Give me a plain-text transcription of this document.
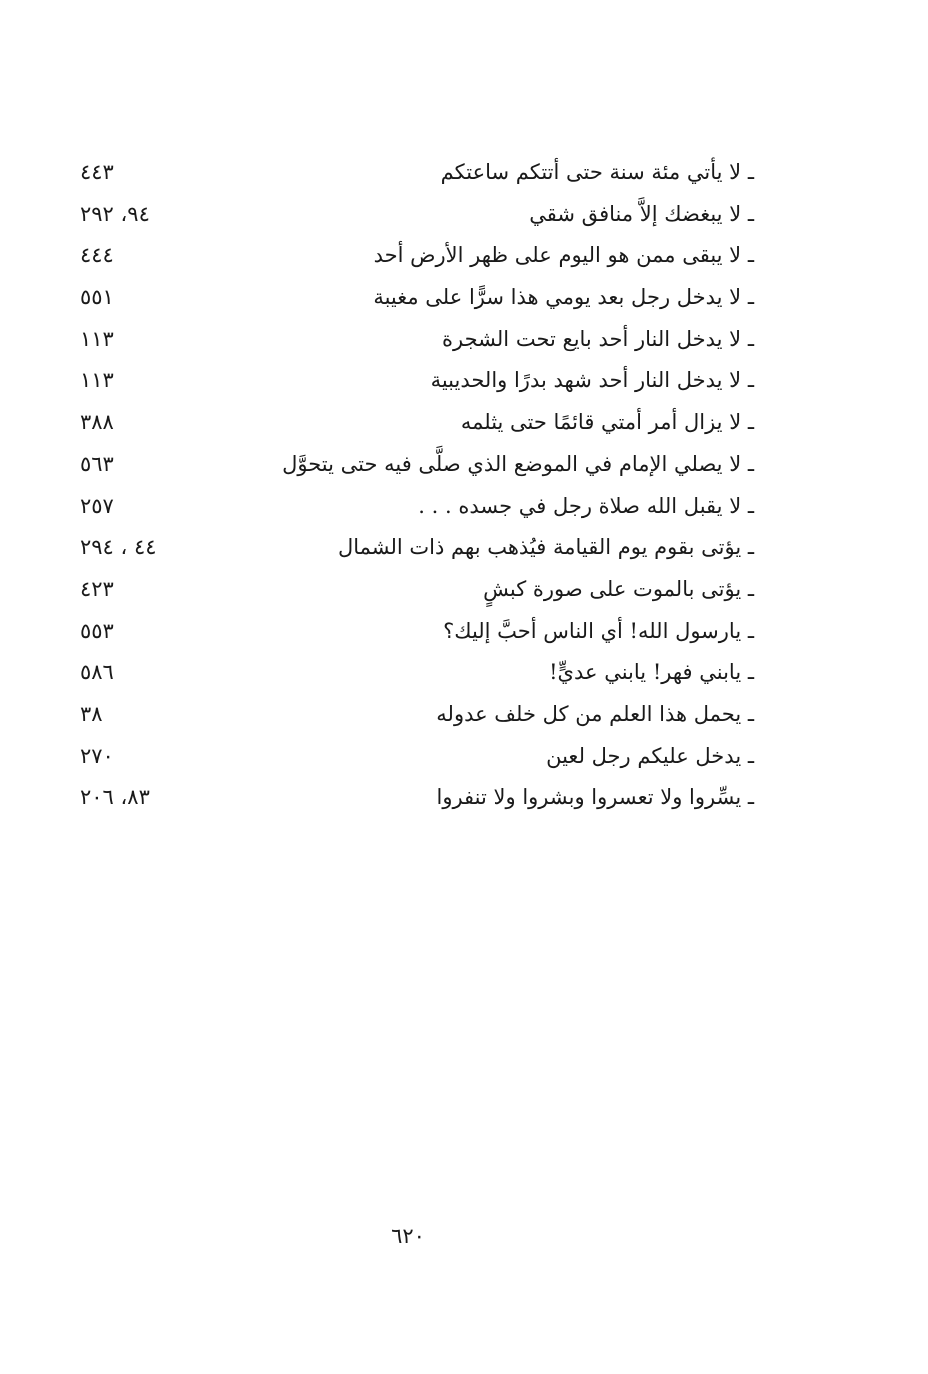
ـ لا يأتي مئة سنة حتى أتتكم ساعتكم
٤٤٣
ـ لا يبغضك إلاَّ منافق شقي
٩٤، ٢٩٢
ـ لا يبقى ممن هو اليوم على ظهر الأرض أحد
٤٤٤
ـ لا يدخل رجل بعد يومي هذا سرًّا على مغيبة
٥٥١
ـ لا يدخل النار أحد بايع تحت الشجرة
١١٣
ـ لا يدخل النار أحد شهد بدرًا والحديبية
١١٣
ـ لا يزال أمر أمتي قائمًا حتى يثلمه
٣٨٨
ـ لا يصلي الإمام في الموضع الذي صلَّى فيه حتى يتحوَّل
٥٦٣
ـ لا يقبل الله صلاة رجل في جسده . . .
٢٥٧
ـ يؤتى بقوم يوم القيامة فيُذهب بهم ذات الشمال
٤٤ ، ٢٩٤
ـ يؤتى بالموت على صورة كبشٍ
٤٢٣
ـ يارسول الله! أي الناس أحبَّ إليك؟
٥٥٣
ـ يابني فهر! يابني عديٍّ!
٥٨٦
ـ يحمل هذا العلم من كل خلف عدوله
٣٨
ـ يدخل عليكم رجل لعين
٢٧٠
ـ يسِّروا ولا تعسروا وبشروا ولا تنفروا
٨٣، ٢٠٦
٦٢٠
